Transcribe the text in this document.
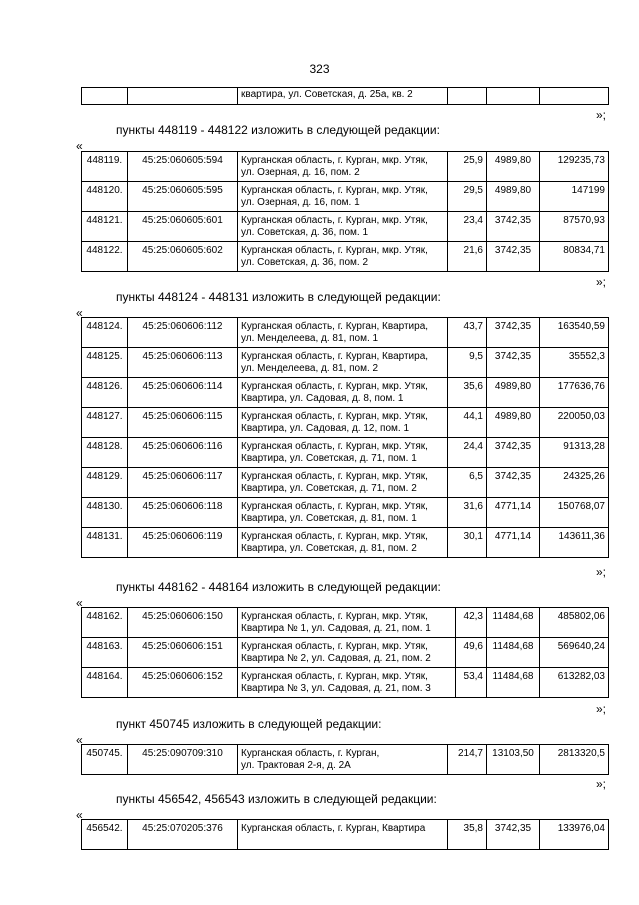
323
		квартира, ул. Советская, д. 25а, кв. 2			
»;
пункты 448119 - 448122 изложить в следующей редакции:
«
448119.	45:25:060605:594	Курганская область, г. Курган, мкр. Утяк,
ул. Озерная, д. 16, пом. 2	25,9	4989,80	129235,73
448120.	45:25:060605:595	Курганская область, г. Курган, мкр. Утяк,
ул. Озерная, д. 16, пом. 1	29,5	4989,80	147199
448121.	45:25:060605:601	Курганская область, г. Курган, мкр. Утяк,
ул. Советская, д. 36, пом. 1	23,4	3742,35	87570,93
448122.	45:25:060605:602	Курганская область, г. Курган, мкр. Утяк,
ул. Советская, д. 36, пом. 2	21,6	3742,35	80834,71
»;
пункты 448124 - 448131 изложить в следующей редакции:
«
448124.	45:25:060606:112	Курганская область, г. Курган, Квартира,
ул. Менделеева, д. 81, пом. 1	43,7	3742,35	163540,59
448125.	45:25:060606:113	Курганская область, г. Курган, Квартира,
ул. Менделеева, д. 81, пом. 2	9,5	3742,35	35552,3
448126.	45:25:060606:114	Курганская область, г. Курган, мкр. Утяк,
Квартира, ул. Садовая, д. 8, пом. 1	35,6	4989,80	177636,76
448127.	45:25:060606:115	Курганская область, г. Курган, мкр. Утяк,
Квартира, ул. Садовая, д. 12, пом. 1	44,1	4989,80	220050,03
448128.	45:25:060606:116	Курганская область, г. Курган, мкр. Утяк,
Квартира, ул. Советская, д. 71, пом. 1	24,4	3742,35	91313,28
448129.	45:25:060606:117	Курганская область, г. Курган, мкр. Утяк,
Квартира, ул. Советская, д. 71, пом. 2	6,5	3742,35	24325,26
448130.	45:25:060606:118	Курганская область, г. Курган, мкр. Утяк,
Квартира, ул. Советская, д. 81, пом. 1	31,6	4771,14	150768,07
448131.	45:25:060606:119	Курганская область, г. Курган, мкр. Утяк,
Квартира, ул. Советская, д. 81, пом. 2	30,1	4771,14	143611,36
»;
пункты 448162 - 448164 изложить в следующей редакции:
«
448162.	45:25:060606:150	Курганская область, г. Курган, мкр. Утяк,
Квартира № 1, ул. Садовая, д. 21, пом. 1	42,3	11484,68	485802,06
448163.	45:25:060606:151	Курганская область, г. Курган, мкр. Утяк,
Квартира № 2, ул. Садовая, д. 21, пом. 2	49,6	11484,68	569640,24
448164.	45:25:060606:152	Курганская область, г. Курган, мкр. Утяк,
Квартира № 3, ул. Садовая, д. 21, пом. 3	53,4	11484,68	613282,03
»;
пункт 450745 изложить в следующей редакции:
«
450745.	45:25:090709:310	Курганская область, г. Курган,
ул. Трактовая 2-я, д. 2А
	214,7	13103,50	2813320,5
»;
пункты 456542, 456543 изложить в следующей редакции:
«
456542.	45:25:070205:376	Курганская область, г. Курган, Квартира	35,8	3742,35	133976,04
